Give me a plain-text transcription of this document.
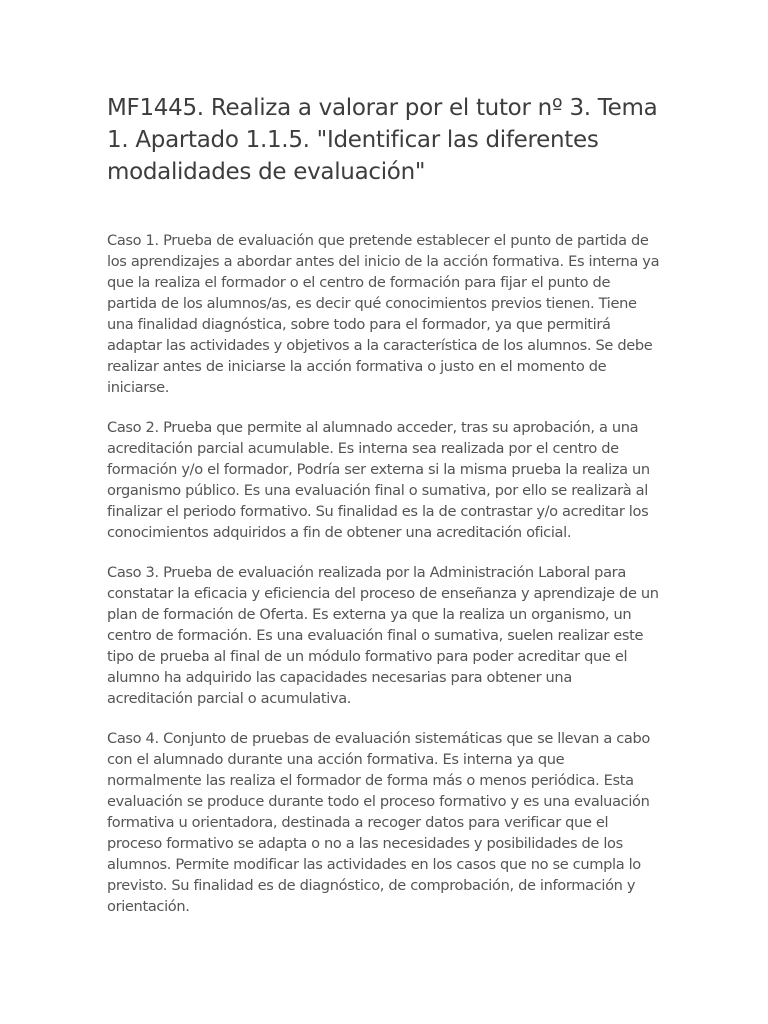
MF1445. Realiza a valorar por el tutor nº 3. Tema 1. Apartado 1.1.5. "Identificar las diferentes modalidades de evaluación"

Caso 1. Prueba de evaluación que pretende establecer el punto de partida de los aprendizajes a abordar antes del inicio de la acción formativa. Es interna ya que la realiza el formador o el centro de formación para fijar el punto de partida de los alumnos/as, es decir qué conocimientos previos tienen. Tiene una finalidad diagnóstica, sobre todo para el formador, ya que permitirá adaptar las actividades y objetivos a la característica de los alumnos. Se debe realizar antes de iniciarse la acción formativa o justo en el momento de iniciarse.

Caso 2. Prueba que permite al alumnado acceder, tras su aprobación, a una acreditación parcial acumulable. Es interna sea realizada por el centro de formación y/o el formador, Podría ser externa si la misma prueba la realiza un organismo público. Es una evaluación final o sumativa, por ello se realizarà al finalizar el periodo formativo. Su finalidad es la de contrastar y/o acreditar los conocimientos adquiridos a fin de obtener una acreditación oficial.

Caso 3. Prueba de evaluación realizada por la Administración Laboral para constatar la eficacia y eficiencia del proceso de enseñanza y aprendizaje de un plan de formación de Oferta. Es externa ya que la realiza un organismo, un centro de formación. Es una evaluación final o sumativa, suelen realizar este tipo de prueba al final de un módulo formativo para poder acreditar que el alumno ha adquirido las capacidades necesarias para obtener una acreditación parcial o acumulativa.

Caso 4. Conjunto de pruebas de evaluación sistemáticas que se llevan a cabo con el alumnado durante una acción formativa. Es interna ya que normalmente las realiza el formador de forma más o menos periódica. Esta evaluación se produce durante todo el proceso formativo y es una evaluación formativa u orientadora, destinada a recoger datos para verificar que el proceso formativo se adapta o no a las necesidades y posibilidades de los alumnos. Permite modificar las actividades en los casos que no se cumpla lo previsto. Su finalidad es de diagnóstico, de comprobación, de información y orientación.
